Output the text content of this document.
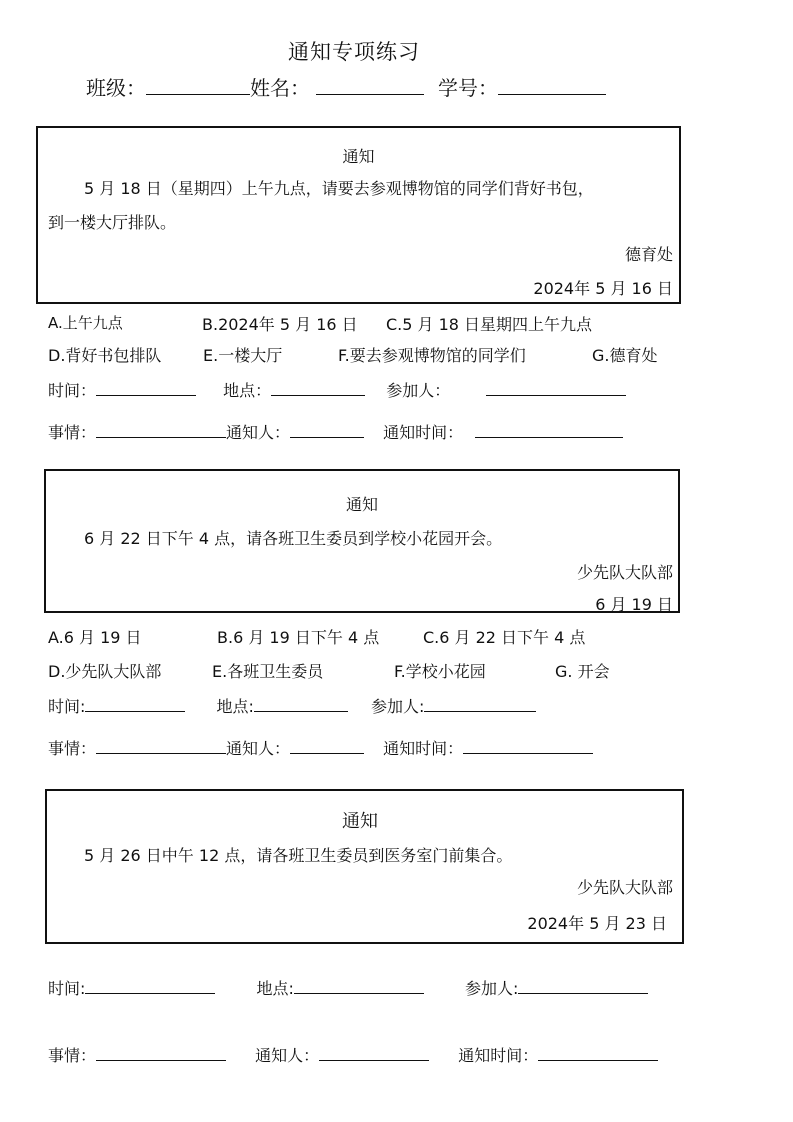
通知专项练习
班级：	姓名：	学号：
通知
5 月 18 日（星期四）上午九点，请要去参观博物馆的同学们背好书包，
到一楼大厅排队。
德育处
2024年 5 月 16 日
A.上午九点	B.2024年 5 月 16 日 C.5 月 18 日星期四上午九点
D.背好书包排队	E.一楼大厅	F.要去参观博物馆的同学们	G.德育处
时间：	地点：	参加人：
事情：	通知人：	通知时间：
通知
6 月 22 日下午 4 点，请各班卫生委员到学校小花园开会。
少先队大队部
6 月 19 日
A.6 月 19 日	B.6 月 19 日下午 4 点	C.6 月 22 日下午 4 点
D.少先队大队部	E.各班卫生委员	F.学校小花园	G. 开会
时间:	地点:	参加人:
事情：	通知人：	通知时间：
通知
5 月 26 日中午 12 点，请各班卫生委员到医务室门前集合。
少先队大队部
2024年 5 月 23 日
时间:	地点:	参加人:
事情：	通知人：	通知时间：
